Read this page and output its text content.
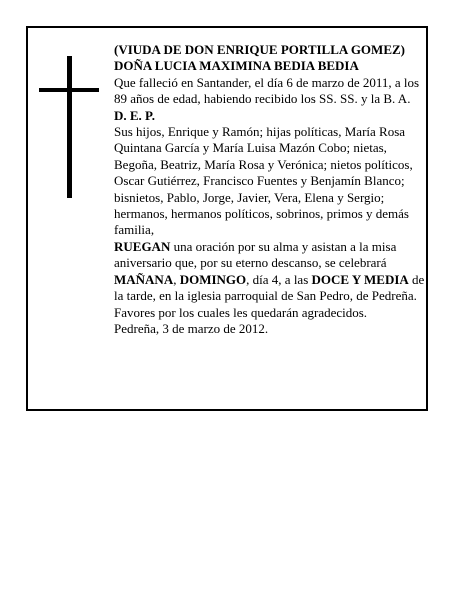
(VIUDA DE DON ENRIQUE PORTILLA GOMEZ)

DOÑA LUCIA MAXIMINA BEDIA BEDIA

Que falleció en Santander, el día 6 de marzo de 2011, a los 89 años de edad, habiendo recibido los SS. SS. y la B. A.

D. E. P.

Sus hijos, Enrique y Ramón; hijas políticas, María Rosa Quintana García y María Luisa Mazón Cobo; nietas, Begoña, Beatriz, María Rosa y Verónica; nietos políticos, Oscar Gutiérrez, Francisco Fuentes y Benjamín Blanco; bisnietos, Pablo, Jorge, Javier, Vera, Elena y Sergio; hermanos, hermanos políticos, sobrinos, primos y demás familia,

RUEGAN una oración por su alma y asistan a la misa aniversario que, por su eterno descanso, se celebrará MAÑANA, DOMINGO, día 4, a las DOCE Y MEDIA de la tarde, en la iglesia parroquial de San Pedro, de Pedreña. Favores por los cuales les quedarán agradecidos.

Pedreña, 3 de marzo de 2012.
